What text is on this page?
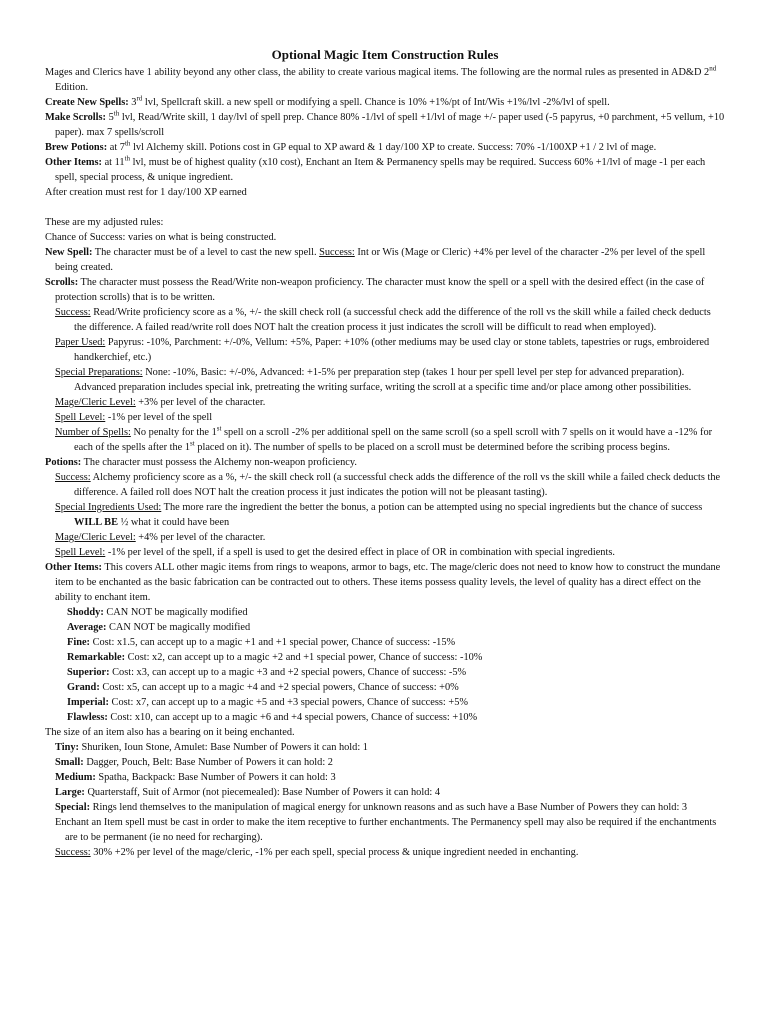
Optional Magic Item Construction Rules

Mages and Clerics have 1 ability beyond any other class, the ability to create various magical items. The following are the normal rules as presented in AD&D 2nd Edition.

Create New Spells: 3rd lvl, Spellcraft skill. a new spell or modifying a spell. Chance is 10% +1%/pt of Int/Wis +1%/lvl -2%/lvl of spell.

Make Scrolls: 5th lvl, Read/Write skill, 1 day/lvl of spell prep. Chance 80% -1/lvl of spell +1/lvl of mage +/- paper used (-5 papyrus, +0 parchment, +5 vellum, +10 paper). max 7 spells/scroll

Brew Potions: at 7th lvl Alchemy skill. Potions cost in GP equal to XP award & 1 day/100 XP to create. Success: 70% -1/100XP +1 / 2 lvl of mage.

Other Items: at 11th lvl, must be of highest quality (x10 cost), Enchant an Item & Permanency spells may be required. Success 60% +1/lvl of mage -1 per each spell, special process, & unique ingredient.

After creation must rest for 1 day/100 XP earned

These are my adjusted rules:

Chance of Success: varies on what is being constructed.

New Spell: The character must be of a level to cast the new spell. Success: Int or Wis (Mage or Cleric) +4% per level of the character -2% per level of the spell being created.

Scrolls: The character must possess the Read/Write non-weapon proficiency. The character must know the spell or a spell with the desired effect (in the case of protection scrolls) that is to be written.

Success: Read/Write proficiency score as a %, +/- the skill check roll (a successful check add the difference of the roll vs the skill while a failed check deducts the difference. A failed read/write roll does NOT halt the creation process it just indicates the scroll will be difficult to read when employed).

Paper Used: Papyrus: -10%, Parchment: +/-0%, Vellum: +5%, Paper: +10% (other mediums may be used clay or stone tablets, tapestries or rugs, embroidered handkerchief, etc.)

Special Preparations: None: -10%, Basic: +/-0%, Advanced: +1-5% per preparation step (takes 1 hour per spell level per step for advanced preparation). Advanced preparation includes special ink, pretreating the writing surface, writing the scroll at a specific time and/or place among other possibilities.

Mage/Cleric Level: +3% per level of the character.

Spell Level: -1% per level of the spell

Number of Spells: No penalty for the 1st spell on a scroll -2% per additional spell on the same scroll (so a spell scroll with 7 spells on it would have a -12% for each of the spells after the 1st placed on it). The number of spells to be placed on a scroll must be determined before the scribing process begins.

Potions: The character must possess the Alchemy non-weapon proficiency.

Success: Alchemy proficiency score as a %, +/- the skill check roll (a successful check adds the difference of the roll vs the skill while a failed check deducts the difference. A failed roll does NOT halt the creation process it just indicates the potion will not be pleasant tasting).

Special Ingredients Used: The more rare the ingredient the better the bonus, a potion can be attempted using no special ingredients but the chance of success WILL BE ½ what it could have been

Mage/Cleric Level: +4% per level of the character.

Spell Level: -1% per level of the spell, if a spell is used to get the desired effect in place of OR in combination with special ingredients.

Other Items: This covers ALL other magic items from rings to weapons, armor to bags, etc. The mage/cleric does not need to know how to construct the mundane item to be enchanted as the basic fabrication can be contracted out to others. These items possess quality levels, the level of quality has a direct effect on the ability to enchant item.

Shoddy: CAN NOT be magically modified

Average: CAN NOT be magically modified

Fine: Cost: x1.5, can accept up to a magic +1 and +1 special power, Chance of success: -15%

Remarkable: Cost: x2, can accept up to a magic +2 and +1 special power, Chance of success: -10%

Superior: Cost: x3, can accept up to a magic +3 and +2 special powers, Chance of success: -5%

Grand: Cost: x5, can accept up to a magic +4 and +2 special powers, Chance of success: +0%

Imperial: Cost: x7, can accept up to a magic +5 and +3 special powers, Chance of success: +5%

Flawless: Cost: x10, can accept up to a magic +6 and +4 special powers, Chance of success: +10%

The size of an item also has a bearing on it being enchanted.

Tiny: Shuriken, Ioun Stone, Amulet: Base Number of Powers it can hold: 1

Small: Dagger, Pouch, Belt: Base Number of Powers it can hold: 2

Medium: Spatha, Backpack: Base Number of Powers it can hold: 3

Large: Quarterstaff, Suit of Armor (not piecemealed): Base Number of Powers it can hold: 4

Special: Rings lend themselves to the manipulation of magical energy for unknown reasons and as such have a Base Number of Powers they can hold: 3

Enchant an Item spell must be cast in order to make the item receptive to further enchantments. The Permanency spell may also be required if the enchantments are to be permanent (ie no need for recharging).

Success: 30% +2% per level of the mage/cleric, -1% per each spell, special process & unique ingredient needed in enchanting.
